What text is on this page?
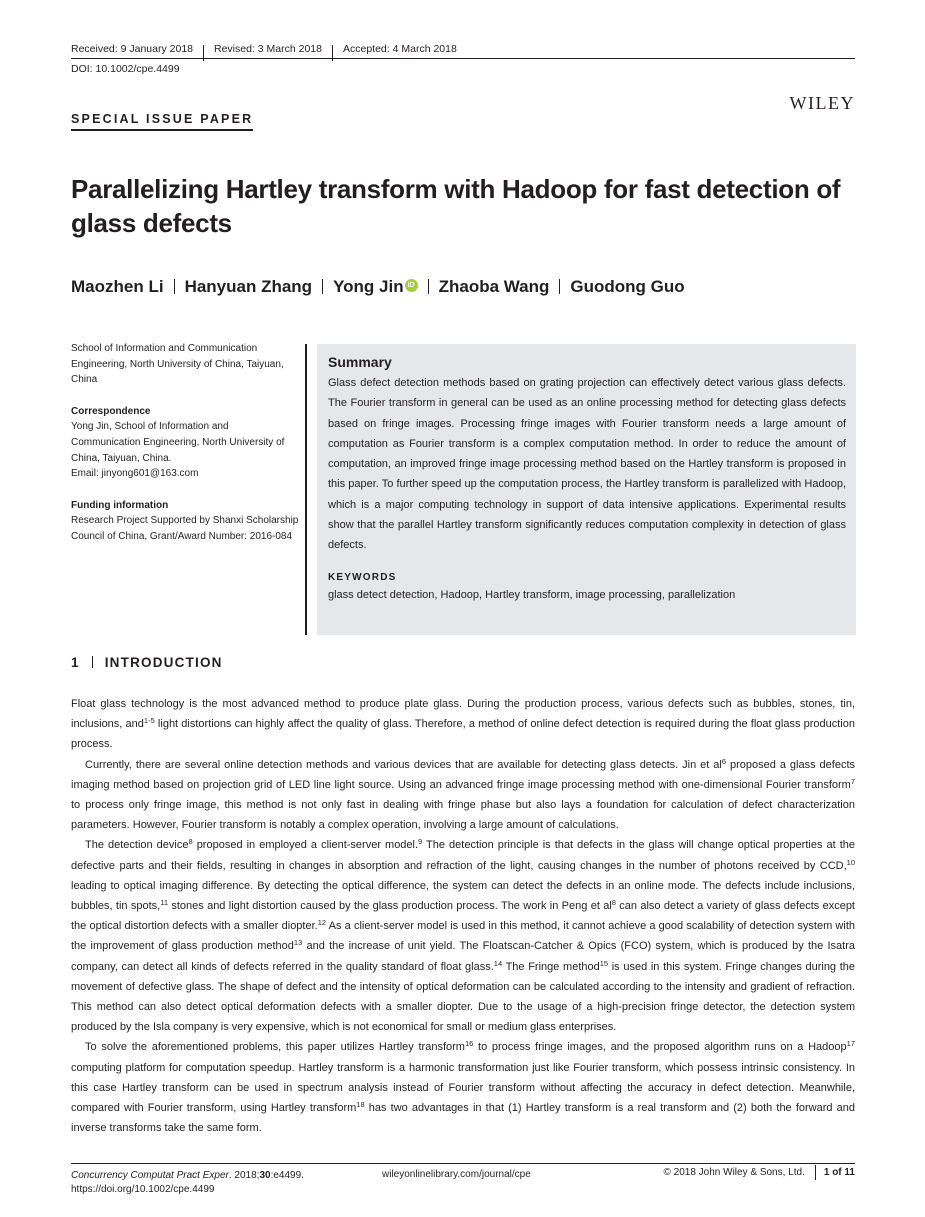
Received: 9 January 2018 Revised: 3 March 2018 Accepted: 4 March 2018
DOI: 10.1002/cpe.4499
WILEY
SPECIAL ISSUE PAPER
Parallelizing Hartley transform with Hadoop for fast detection of glass defects
Maozhen Li Hanyuan Zhang Yong Jin iD Zhaoba Wang Guodong Guo
School of Information and Communication Engineering, North University of China, Taiyuan, China
Correspondence
Yong Jin, School of Information and Communication Engineering, North University of China, Taiyuan, China.
Email: jinyong601@163.com
Funding information
Research Project Supported by Shanxi Scholarship Council of China, Grant/Award Number: 2016-084
Summary
Glass defect detection methods based on grating projection can effectively detect various glass defects. The Fourier transform in general can be used as an online processing method for detecting glass defects based on fringe images. Processing fringe images with Fourier transform needs a large amount of computation as Fourier transform is a complex computation method. In order to reduce the amount of computation, an improved fringe image processing method based on the Hartley transform is proposed in this paper. To further speed up the computation process, the Hartley transform is parallelized with Hadoop, which is a major computing technology in support of data intensive applications. Experimental results show that the parallel Hartley transform significantly reduces computation complexity in detection of glass defects.
KEYWORDS
glass detect detection, Hadoop, Hartley transform, image processing, parallelization
1 INTRODUCTION

Float glass technology is the most advanced method to produce plate glass. During the production process, various defects such as bubbles, stones, tin, inclusions, and$^{1-5}$ light distortions can highly affect the quality of glass. Therefore, a method of online defect detection is required during the float glass production process.

Currently, there are several online detection methods and various devices that are available for detecting glass detects. Jin et $al^6$ proposed a glass defects imaging method based on projection grid of LED line light source. Using an advanced fringe image processing method with one-dimensional Fourier transform$^7$ to process only fringe image, this method is not only fast in dealing with fringe phase but also lays a foundation for calculation of defect characterization parameters. However, Fourier transform is notably a complex operation, involving a large amount of calculations.

The detection device$^8$ proposed in employed a client-server model.$^9$ The detection principle is that defects in the glass will change optical properties at the defective parts and their fields, resulting in changes in absorption and refraction of the light, causing changes in the number of photons received by CCD,$^{10}$ leading to optical imaging difference. By detecting the optical difference, the system can detect the defects in an online mode. The defects include inclusions, bubbles, tin spots,$^{11}$ stones and light distortion caused by the glass production process. The work in Peng et $al^8$ can also detect a variety of glass defects except the optical distortion defects with a smaller diopter.$^{12}$ As a client-server model is used in this method, it cannot achieve a good scalability of detection system with the improvement of glass production method$^{13}$ and the increase of unit yield. The Floatscan-Catcher & Opics (FCO) system, which is produced by the Isatra company, can detect all kinds of defects referred in the quality standard of float glass.$^{14}$ The Fringe method$^{15}$ is used in this system. Fringe changes during the movement of defective glass. The shape of defect and the intensity of optical deformation can be calculated according to the intensity and gradient of refraction. This method can also detect optical deformation defects with a smaller diopter. Due to the usage of a high-precision fringe detector, the detection system produced by the Isla company is very expensive, which is not economical for small or medium glass enterprises.

To solve the aforementioned problems, this paper utilizes Hartley transform$^{16}$ to process fringe images, and the proposed algorithm runs on a Hadoop$^{17}$ computing platform for computation speedup. Hartley transform is a harmonic transformation just like Fourier transform, which possess intrinsic consistency. In this case Hartley transform can be used in spectrum analysis instead of Fourier transform without affecting the accuracy in defect detection. Meanwhile, compared with Fourier transform, using Hartley transform$^{18}$ has two advantages in that (1) Hartley transform is a real transform and (2) both the forward and inverse transforms take the same form.

Concurrency Computat Pract Exper. 2018;30:e4499.
https://doi.org/10.1002/cpe.4499
wileyonlinelibrary.com/journal/cpe	© 2018 John Wiley & Sons, Ltd. 1 of 11
